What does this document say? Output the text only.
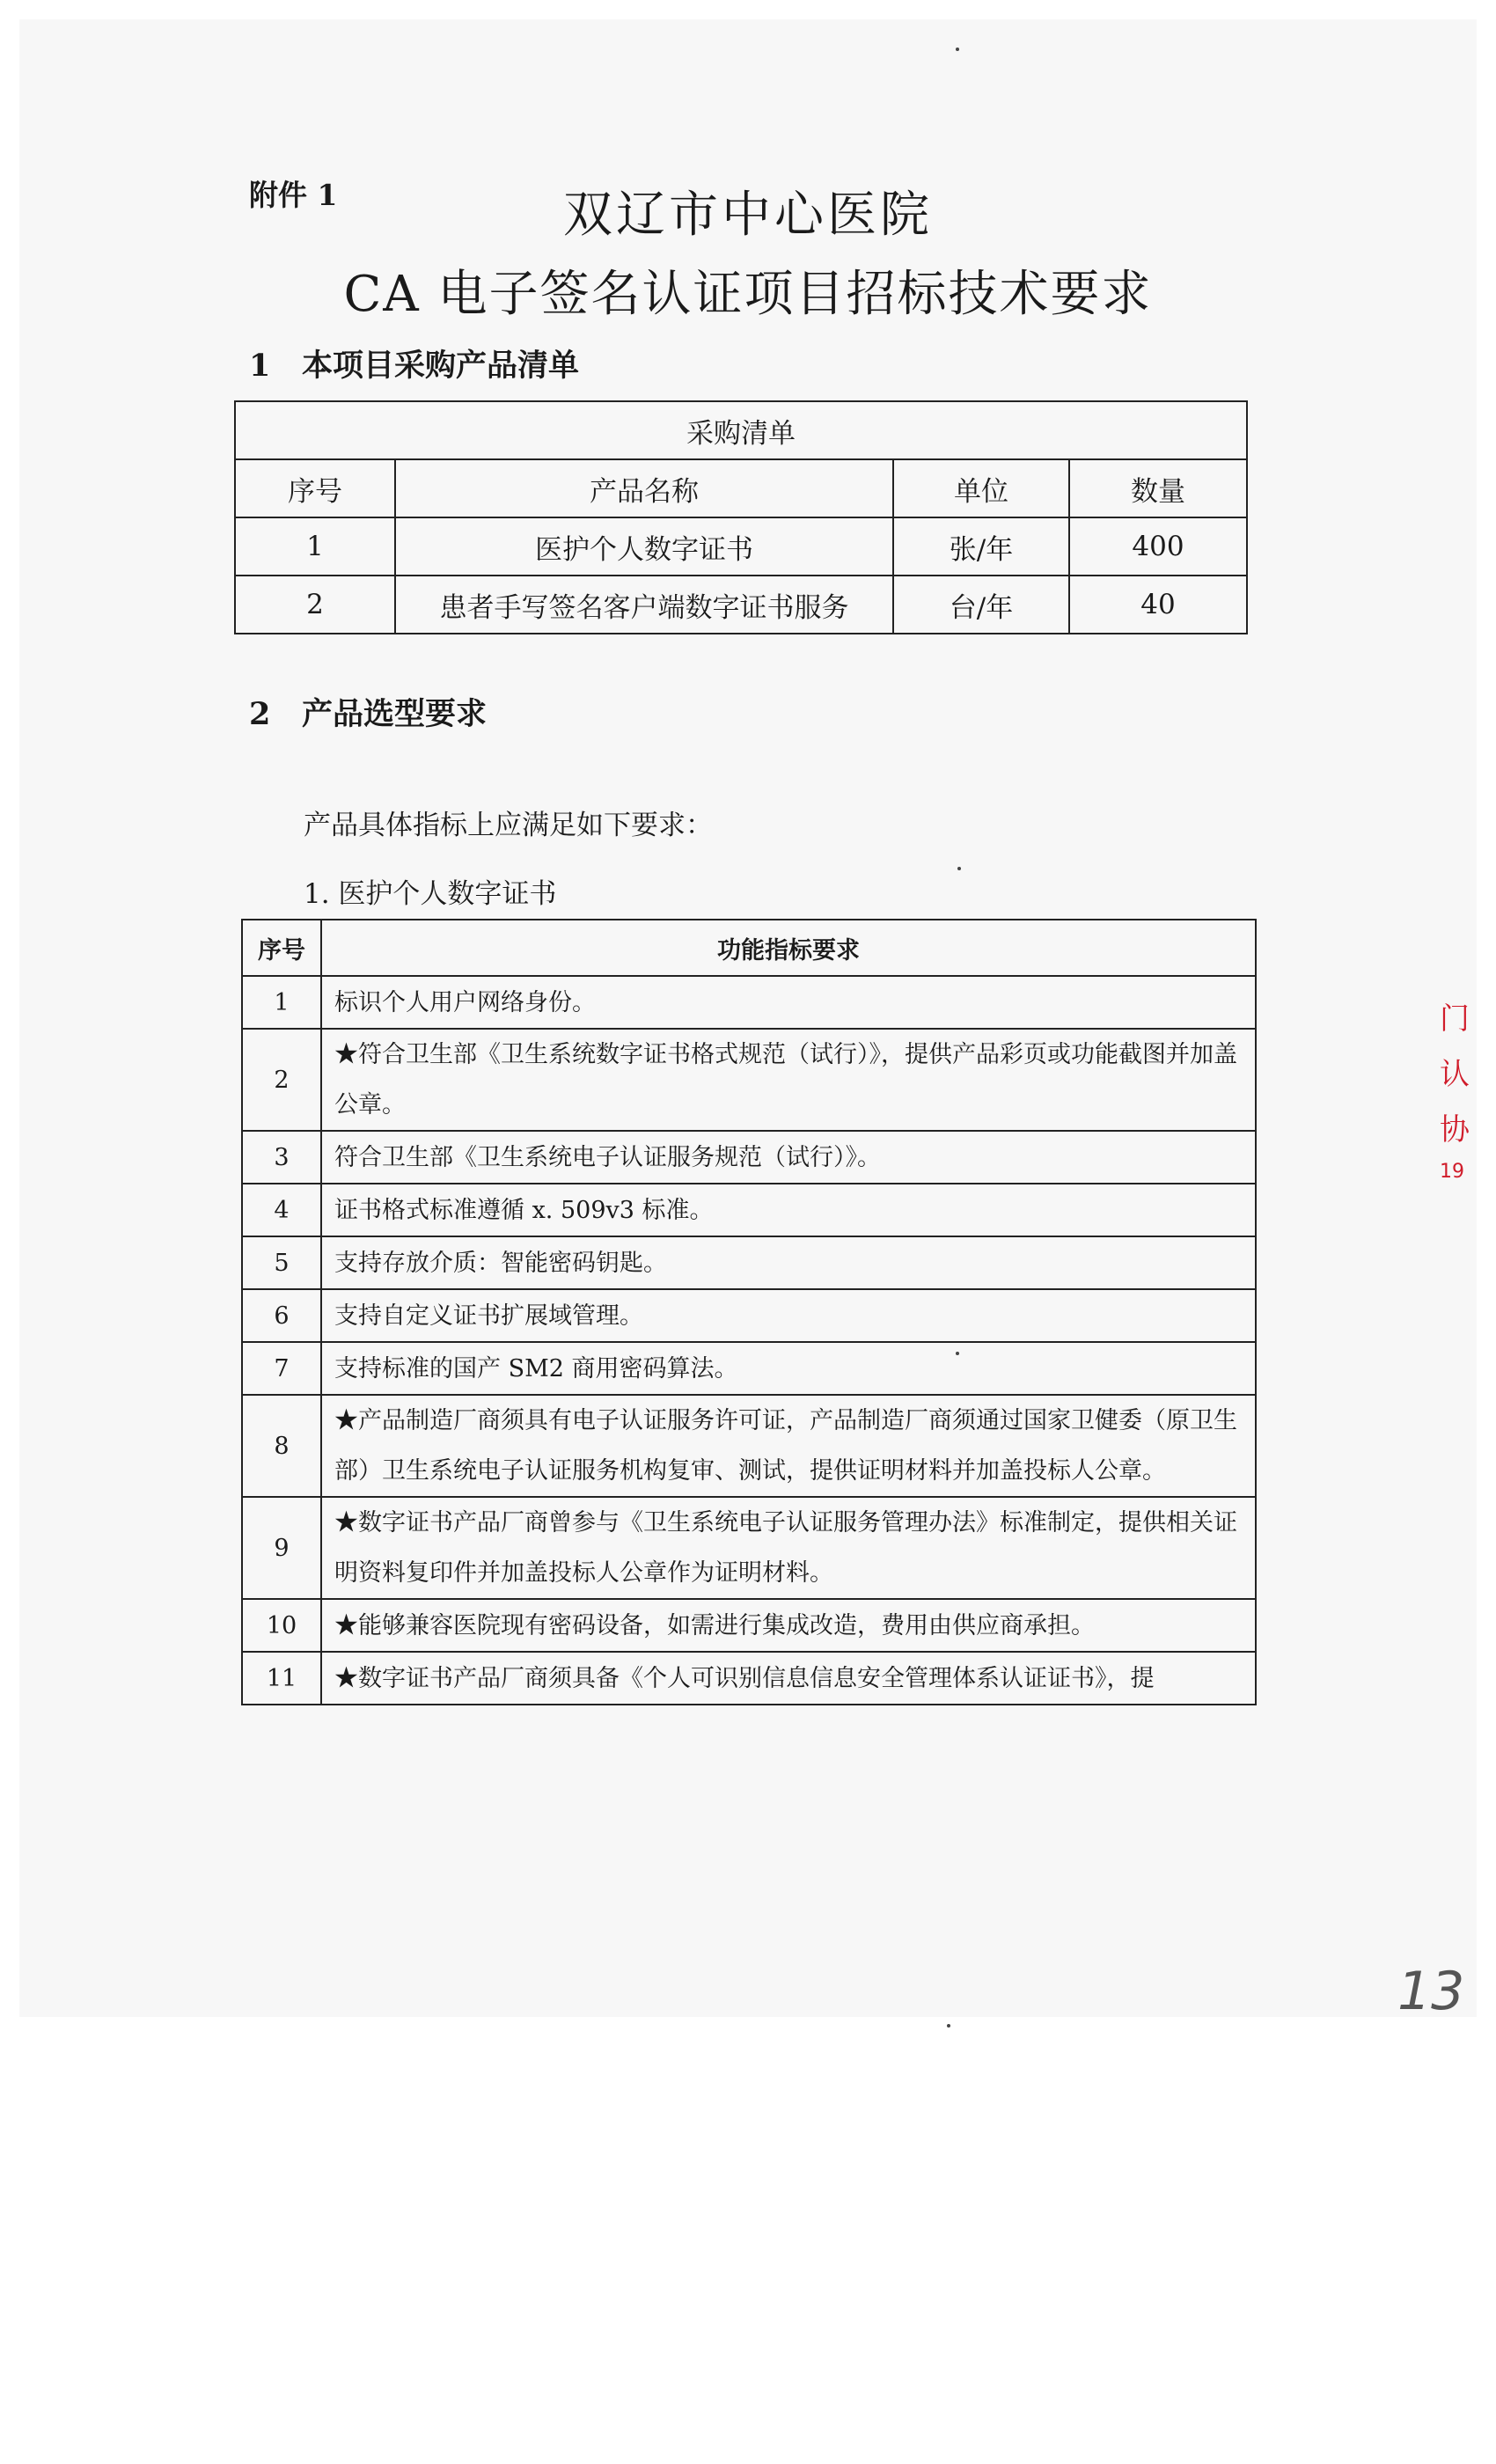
附件 1	双辽市中心医院
CA 电子签名认证项目招标技术要求
1 本项目采购产品清单
采购清单			
序号	产品名称	单位	数量
1	医护个人数字证书	张/年	400
2	患者手写签名客户端数字证书服务	台/年	40
2 产品选型要求
产品具体指标上应满足如下要求：
1. 医护个人数字证书
序号	功能指标要求
1	标识个人用户网络身份。
2	★符合卫生部《卫生系统数字证书格式规范（试行）》，提供产品彩页或功能截图并加盖公章。
3	符合卫生部《卫生系统电子认证服务规范（试行）》。
4	证书格式标准遵循 x. 509v3 标准。
5	支持存放介质：智能密码钥匙。
6	支持自定义证书扩展域管理。
7	支持标准的国产 SM2 商用密码算法。
8	★产品制造厂商须具有电子认证服务许可证，产品制造厂商须通过国家卫健委（原卫生部）卫生系统电子认证服务机构复审、测试，提供证明材料并加盖投标人公章。
9	★数字证书产品厂商曾参与《卫生系统电子认证服务管理办法》标准制定，提供相关证明资料复印件并加盖投标人公章作为证明材料。
10	★能够兼容医院现有密码设备，如需进行集成改造，费用由供应商承担。
11	★数字证书产品厂商须具备《个人可识别信息信息安全管理体系认证证书》，提
门
认
协
19
13
